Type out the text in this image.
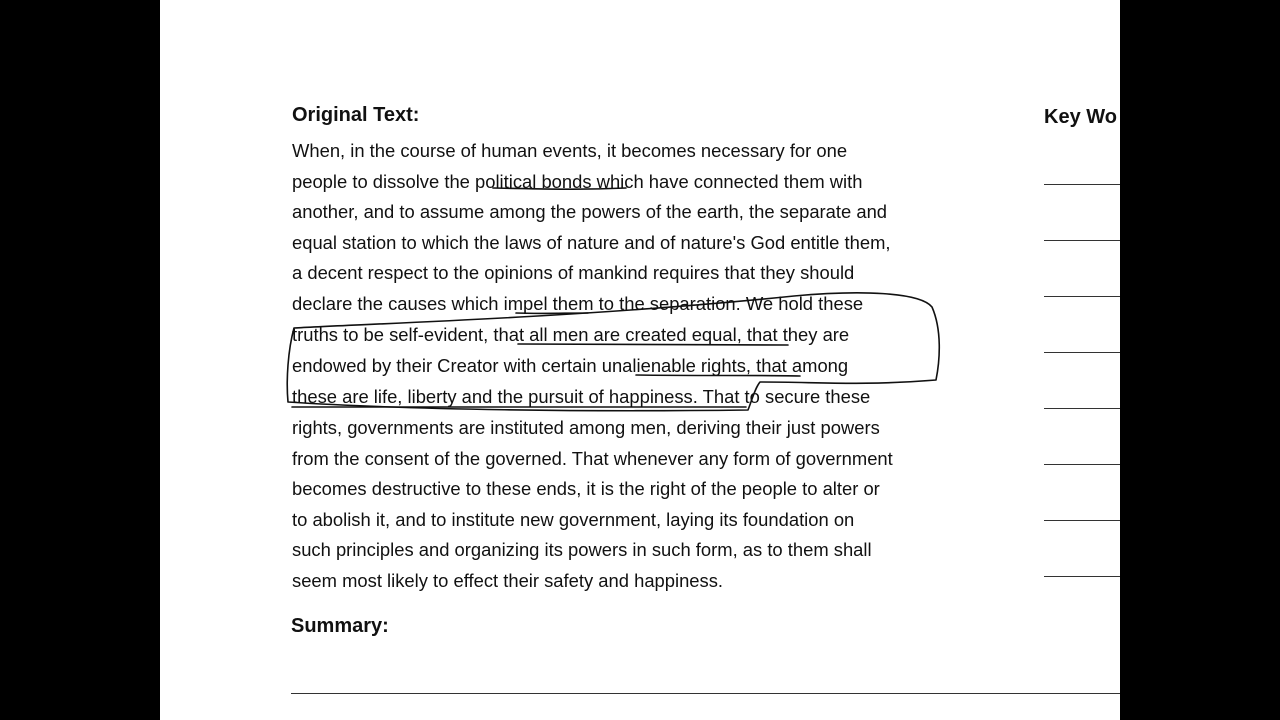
Original Text:	Key Wo
When, in the course of human events, it becomes necessary for one
people to dissolve the political bonds which have connected them with
another, and to assume among the powers of the earth, the separate and
equal station to which the laws of nature and of nature's God entitle them,
a decent respect to the opinions of mankind requires that they should
declare the causes which impel them to the separation. We hold these
truths to be self-evident, that all men are created equal, that they are
endowed by their Creator with certain unalienable rights, that among
these are life, liberty and the pursuit of happiness. That to secure these
rights, governments are instituted among men, deriving their just powers
from the consent of the governed. That whenever any form of government
becomes destructive to these ends, it is the right of the people to alter or
to abolish it, and to institute new government, laying its foundation on
such principles and organizing its powers in such form, as to them shall
seem most likely to effect their safety and happiness.
Summary:
